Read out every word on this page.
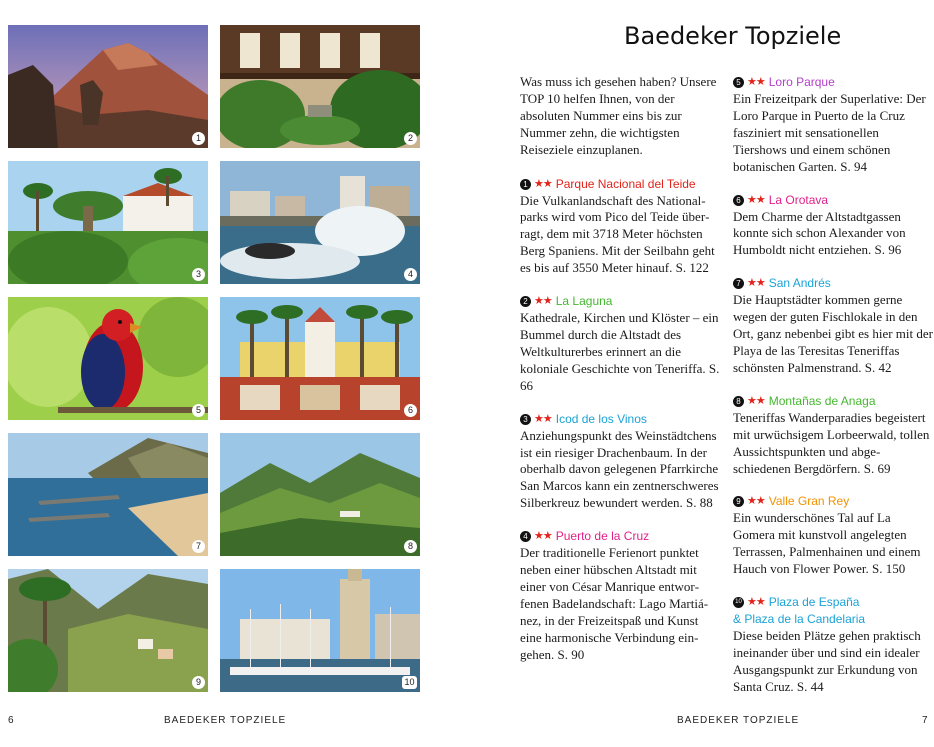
1	2
3	4
5	6
7	8
9	10
6	BAEDEKER TOPZIELE
Baedeker Topziele

Was muss ich gesehen haben? Unsere TOP 10 helfen Ihnen, von der absoluten Nummer eins bis zur Nummer zehn, die wichtigsten Reiseziele einzuplanen.

1 ★★ Parque Nacional del Teide

Die Vulkanlandschaft des Nationalparks wird vom Pico del Teide überragt, dem mit 3718 Meter höchsten Berg Spaniens. Mit der Seilbahn geht es bis auf 3550 Meter hinauf. S. 122

2 ★★ La Laguna

Kathedrale, Kirchen und Klöster – ein Bummel durch die Altstadt des Weltkulturerbes erinnert an die koloniale Geschichte von Teneriffa. S. 66

3 ★★ Icod de los Vinos

Anziehungspunkt des Weinstädtchens ist ein riesiger Drachenbaum. In der oberhalb davon gelegenen Pfarrkirche San Marcos kann ein zentnerschweres Silberkreuz bewundert werden. S. 88

4 ★★ Puerto de la Cruz

Der traditionelle Ferienort punktet neben einer hübschen Altstadt mit einer von César Manrique entworfenen Badelandschaft: Lago Martiánez, in der Freizeitspaß und Kunst eine harmonische Verbindung eingehen. S. 90

5 ★★ Loro Parque

Ein Freizeitpark der Superlative: Der Loro Parque in Puerto de la Cruz fasziniert mit sensationellen Tiershows und einem schönen botanischen Garten. S. 94

6 ★★ La Orotava

Dem Charme der Altstadtgassen konnte sich schon Alexander von Humboldt nicht entziehen. S. 96

7 ★★ San Andrés

Die Hauptstädter kommen gerne wegen der guten Fischlokale in den Ort, ganz nebenbei gibt es hier mit der Playa de las Teresitas Teneriffas schönsten Palmenstrand. S. 42

8 ★★ Montañas de Anaga

Teneriffas Wanderparadies begeistert mit urwüchsigem Lorbeerwald, tollen Aussichtspunkten und abgeschiedenen Bergdörfern. S. 69

9 ★★ Valle Gran Rey

Ein wunderschönes Tal auf La Gomera mit kunstvoll angelegten Terrassen, Palmenhainen und einem Hauch von Flower Power. S. 150

10 ★★ Plaza de España
& Plaza de la Candelaria

Diese beiden Plätze gehen praktisch ineinander über und sind ein idealer Ausgangspunkt zur Erkundung von Santa Cruz. S. 44

BAEDEKER TOPZIELE	7
